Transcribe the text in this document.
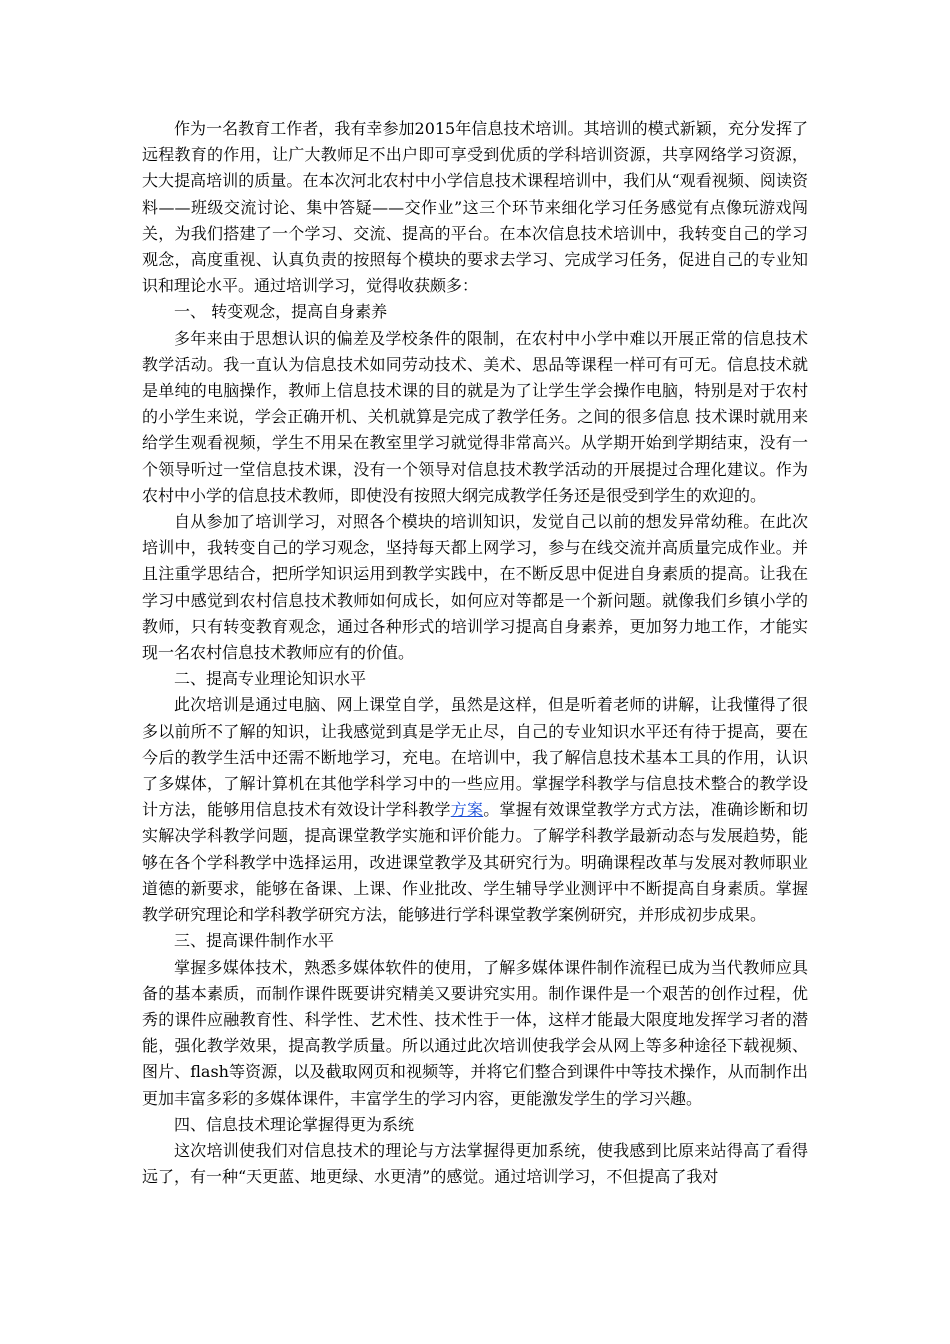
作为一名教育工作者，我有幸参加2015年信息技术培训。其培训的模式新颖，充分发挥了远程教育的作用，让广大教师足不出户即可享受到优质的学科培训资源，共享网络学习资源，大大提高培训的质量。在本次河北农村中小学信息技术课程培训中，我们从“观看视频、阅读资料——班级交流讨论、集中答疑——交作业”这三个环节来细化学习任务感觉有点像玩游戏闯关，为我们搭建了一个学习、交流、提高的平台。在本次信息技术培训中，我转变自己的学习观念，高度重视、认真负责的按照每个模块的要求去学习、完成学习任务，促进自己的专业知识和理论水平。通过培训学习，觉得收获颇多：

一、 转变观念，提高自身素养

多年来由于思想认识的偏差及学校条件的限制，在农村中小学中难以开展正常的信息技术教学活动。我一直认为信息技术如同劳动技术、美术、思品等课程一样可有可无。信息技术就是单纯的电脑操作，教师上信息技术课的目的就是为了让学生学会操作电脑，特别是对于农村的小学生来说，学会正确开机、关机就算是完成了教学任务。之间的很多信息 技术课时就用来给学生观看视频，学生不用呆在教室里学习就觉得非常高兴。从学期开始到学期结束，没有一个领导听过一堂信息技术课，没有一个领导对信息技术教学活动的开展提过合理化建议。作为农村中小学的信息技术教师，即使没有按照大纲完成教学任务还是很受到学生的欢迎的。

自从参加了培训学习，对照各个模块的培训知识，发觉自己以前的想发异常幼稚。在此次培训中，我转变自己的学习观念，坚持每天都上网学习，参与在线交流并高质量完成作业。并且注重学思结合，把所学知识运用到教学实践中，在不断反思中促进自身素质的提高。让我在学习中感觉到农村信息技术教师如何成长，如何应对等都是一个新问题。就像我们乡镇小学的教师，只有转变教育观念，通过各种形式的培训学习提高自身素养，更加努力地工作，才能实现一名农村信息技术教师应有的价值。

二、提高专业理论知识水平

此次培训是通过电脑、网上课堂自学，虽然是这样，但是听着老师的讲解，让我懂得了很多以前所不了解的知识，让我感觉到真是学无止尽，自己的专业知识水平还有待于提高，要在今后的教学生活中还需不断地学习，充电。在培训中，我了解信息技术基本工具的作用，认识了多媒体，了解计算机在其他学科学习中的一些应用。掌握学科教学与信息技术整合的教学设计方法，能够用信息技术有效设计学科教学方案。掌握有效课堂教学方式方法，准确诊断和切实解决学科教学问题，提高课堂教学实施和评价能力。了解学科教学最新动态与发展趋势，能够在各个学科教学中选择运用，改进课堂教学及其研究行为。明确课程改革与发展对教师职业道德的新要求，能够在备课、上课、作业批改、学生辅导学业测评中不断提高自身素质。掌握教学研究理论和学科教学研究方法，能够进行学科课堂教学案例研究，并形成初步成果。

三、提高课件制作水平

掌握多媒体技术，熟悉多媒体软件的使用，了解多媒体课件制作流程已成为当代教师应具备的基本素质，而制作课件既要讲究精美又要讲究实用。制作课件是一个艰苦的创作过程，优秀的课件应融教育性、科学性、艺术性、技术性于一体，这样才能最大限度地发挥学习者的潜能，强化教学效果，提高教学质量。所以通过此次培训使我学会从网上等多种途径下载视频、图片、flash等资源，以及截取网页和视频等，并将它们整合到课件中等技术操作，从而制作出更加丰富多彩的多媒体课件，丰富学生的学习内容，更能激发学生的学习兴趣。

四、信息技术理论掌握得更为系统

这次培训使我们对信息技术的理论与方法掌握得更加系统，使我感到比原来站得高了看得远了，有一种“天更蓝、地更绿、水更清”的感觉。通过培训学习，不但提高了我对
